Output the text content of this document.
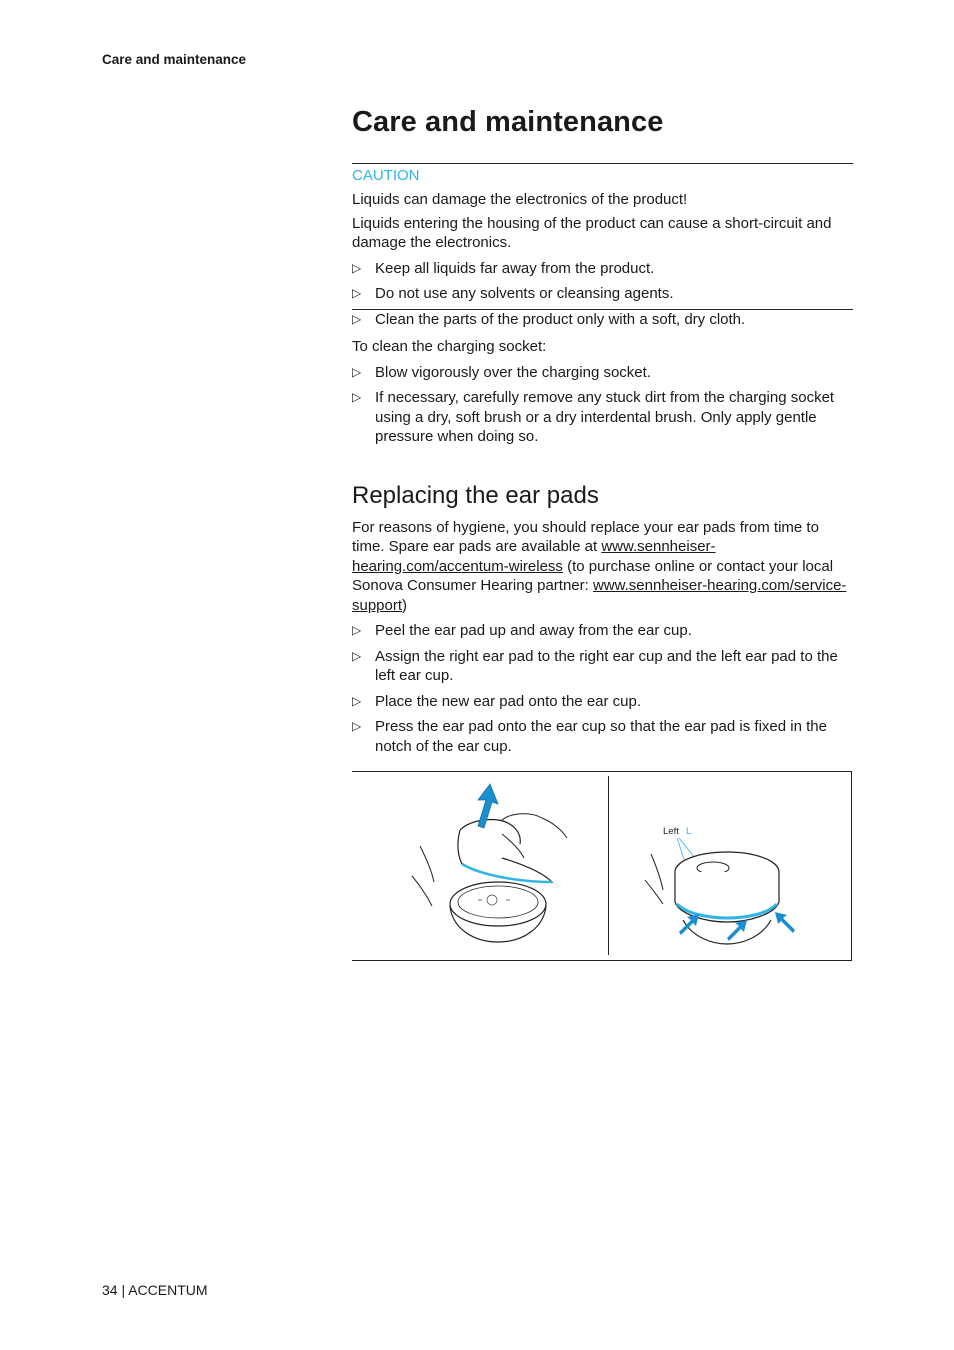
Care and maintenance
Care and maintenance
CAUTION

Liquids can damage the electronics of the product!

Liquids entering the housing of the product can cause a short-circuit and damage the electronics.

▷ Keep all liquids far away from the product.
▷ Do not use any solvents or cleansing agents.
▷ Clean the parts of the product only with a soft, dry cloth.

To clean the charging socket:

▷ Blow vigorously over the charging socket.
▷ If necessary, carefully remove any stuck dirt from the charging socket using a dry, soft brush or a dry interdental brush. Only apply gentle pressure when doing so.
Replacing the ear pads

For reasons of hygiene, you should replace your ear pads from time to time. Spare ear pads are available at www.sennheiser-hearing.com/accentum-wireless (to purchase online or contact your local Sonova Consumer Hearing partner: www.sennheiser-hearing.com/service-support)

▷ Peel the ear pad up and away from the ear cup.
▷ Assign the right ear pad to the right ear cup and the left ear pad to the left ear cup.
▷ Place the new ear pad onto the ear cup.
▷ Press the ear pad onto the ear cup so that the ear pad is fixed in the notch of the ear cup.
Left L
34 | ACCENTUM
